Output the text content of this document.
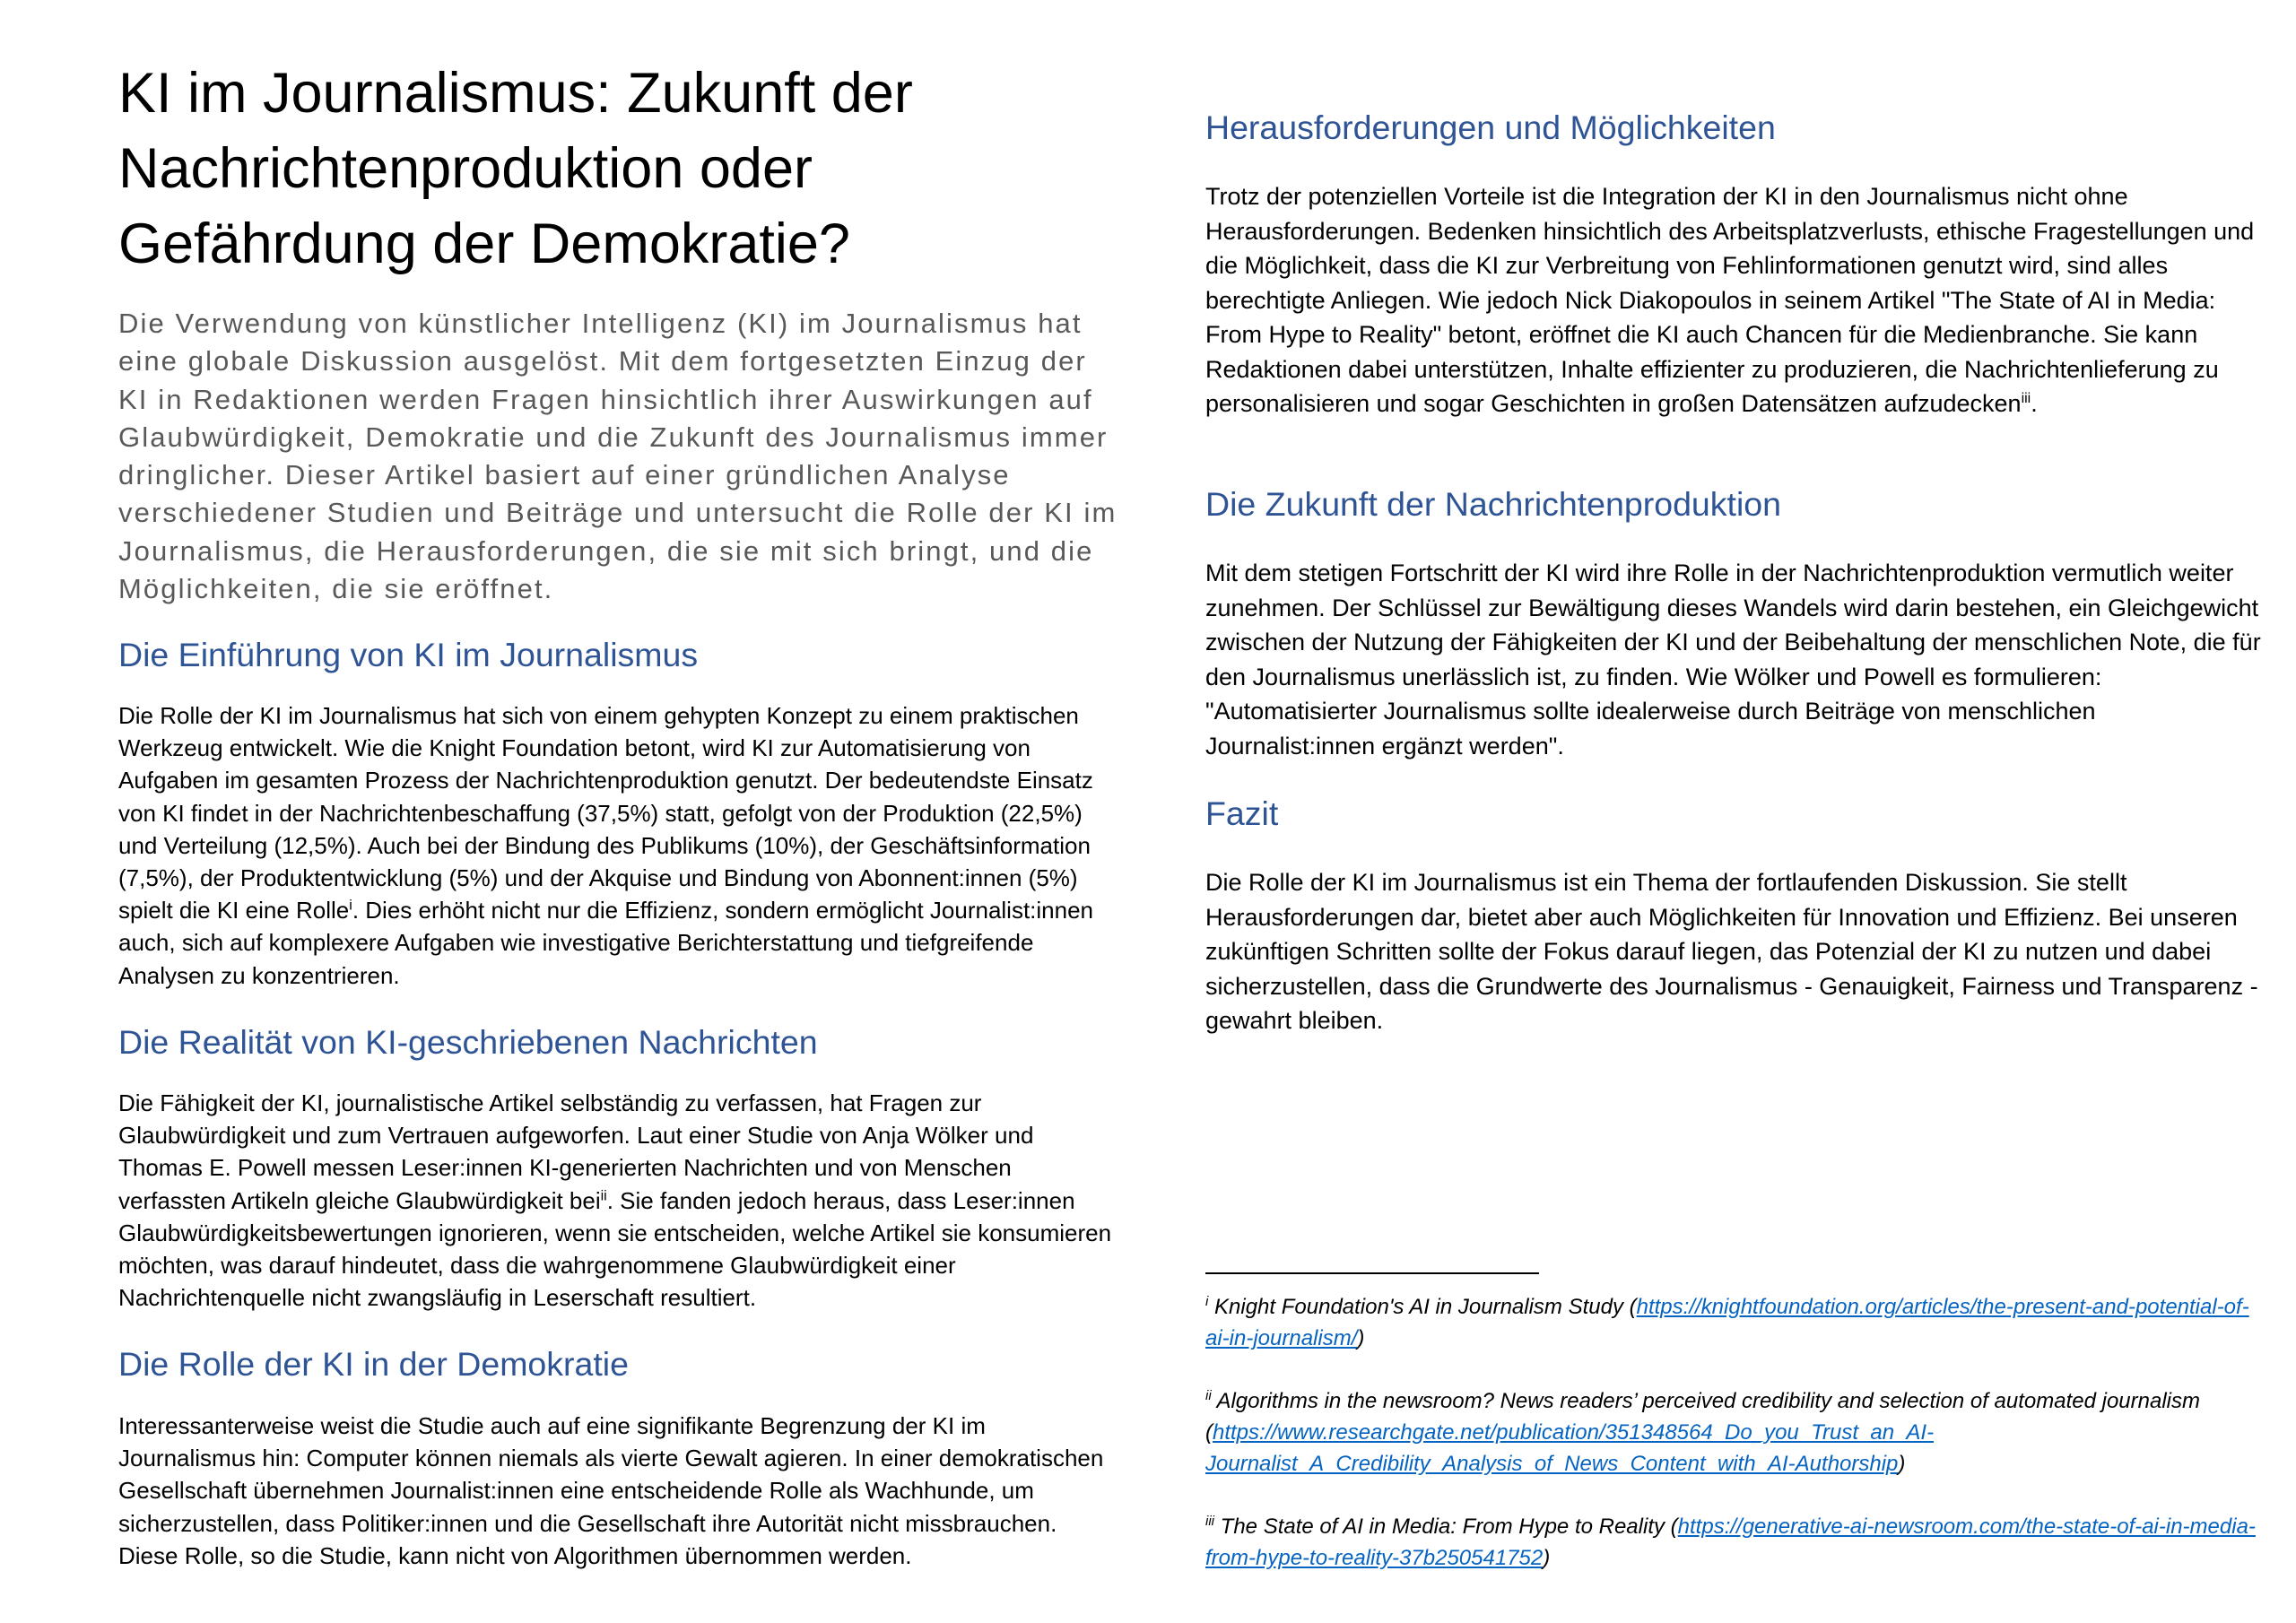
KI im Journalismus: Zukunft der Nachrichtenproduktion oder Gefährdung der Demokratie?

Die Verwendung von künstlicher Intelligenz (KI) im Journalismus hat eine globale Diskussion ausgelöst. Mit dem fortgesetzten Einzug der KI in Redaktionen werden Fragen hinsichtlich ihrer Auswirkungen auf Glaubwürdigkeit, Demokratie und die Zukunft des Journalismus immer dringlicher. Dieser Artikel basiert auf einer gründlichen Analyse verschiedener Studien und Beiträge und untersucht die Rolle der KI im Journalismus, die Herausforderungen, die sie mit sich bringt, und die Möglichkeiten, die sie eröffnet.

Die Einführung von KI im Journalismus

Die Rolle der KI im Journalismus hat sich von einem gehypten Konzept zu einem praktischen Werkzeug entwickelt. Wie die Knight Foundation betont, wird KI zur Automatisierung von Aufgaben im gesamten Prozess der Nachrichtenproduktion genutzt. Der bedeutendste Einsatz von KI findet in der Nachrichtenbeschaffung (37,5%) statt, gefolgt von der Produktion (22,5%) und Verteilung (12,5%). Auch bei der Bindung des Publikums (10%), der Geschäftsinformation (7,5%), der Produktentwicklung (5%) und der Akquise und Bindung von Abonnent:innen (5%) spielt die KI eine Rolle$^i$. Dies erhöht nicht nur die Effizienz, sondern ermöglicht Journalist:innen auch, sich auf komplexere Aufgaben wie investigative Berichterstattung und tiefgreifende Analysen zu konzentrieren.

Die Realität von KI-geschriebenen Nachrichten

Die Fähigkeit der KI, journalistische Artikel selbständig zu verfassen, hat Fragen zur Glaubwürdigkeit und zum Vertrauen aufgeworfen. Laut einer Studie von Anja Wölker und Thomas E. Powell messen Leser:innen KI-generierten Nachrichten und von Menschen verfassten Artikeln gleiche Glaubwürdigkeit bei$^{ii}$. Sie fanden jedoch heraus, dass Leser:innen Glaubwürdigkeitsbewertungen ignorieren, wenn sie entscheiden, welche Artikel sie konsumieren möchten, was darauf hindeutet, dass die wahrgenommene Glaubwürdigkeit einer Nachrichtenquelle nicht zwangsläufig in Leserschaft resultiert.

Die Rolle der KI in der Demokratie

Interessanterweise weist die Studie auch auf eine signifikante Begrenzung der KI im Journalismus hin: Computer können niemals als vierte Gewalt agieren. In einer demokratischen Gesellschaft übernehmen Journalist:innen eine entscheidende Rolle als Wachhunde, um sicherzustellen, dass Politiker:innen und die Gesellschaft ihre Autorität nicht missbrauchen. Diese Rolle, so die Studie, kann nicht von Algorithmen übernommen werden.

Herausforderungen und Möglichkeiten

Trotz der potenziellen Vorteile ist die Integration der KI in den Journalismus nicht ohne Herausforderungen. Bedenken hinsichtlich des Arbeitsplatzverlusts, ethische Fragestellungen und die Möglichkeit, dass die KI zur Verbreitung von Fehlinformationen genutzt wird, sind alles berechtigte Anliegen. Wie jedoch Nick Diakopoulos in seinem Artikel "The State of AI in Media: From Hype to Reality" betont, eröffnet die KI auch Chancen für die Medienbranche. Sie kann Redaktionen dabei unterstützen, Inhalte effizienter zu produzieren, die Nachrichtenlieferung zu personalisieren und sogar Geschichten in großen Datensätzen aufzudecken$^{iii}$.

Die Zukunft der Nachrichtenproduktion

Mit dem stetigen Fortschritt der KI wird ihre Rolle in der Nachrichtenproduktion vermutlich weiter zunehmen. Der Schlüssel zur Bewältigung dieses Wandels wird darin bestehen, ein Gleichgewicht zwischen der Nutzung der Fähigkeiten der KI und der Beibehaltung der menschlichen Note, die für den Journalismus unerlässlich ist, zu finden. Wie Wölker und Powell es formulieren: "Automatisierter Journalismus sollte idealerweise durch Beiträge von menschlichen Journalist:innen ergänzt werden".

Fazit

Die Rolle der KI im Journalismus ist ein Thema der fortlaufenden Diskussion. Sie stellt Herausforderungen dar, bietet aber auch Möglichkeiten für Innovation und Effizienz. Bei unseren zukünftigen Schritten sollte der Fokus darauf liegen, das Potenzial der KI zu nutzen und dabei sicherzustellen, dass die Grundwerte des Journalismus - Genauigkeit, Fairness und Transparenz - gewahrt bleiben.

$^i$ Knight Foundation's AI in Journalism Study (https://knightfoundation.org/articles/the-present-and-potential-of-ai-in-journalism/)

$^{ii}$ Algorithms in the newsroom? News readers’ perceived credibility and selection of automated journalism (https://www.researchgate.net/publication/351348564_Do_you_Trust_an_AI-Journalist_A_Credibility_Analysis_of_News_Content_with_AI-Authorship)

$^{iii}$ The State of AI in Media: From Hype to Reality (https://generative-ai-newsroom.com/the-state-of-ai-in-media-from-hype-to-reality-37b250541752)
